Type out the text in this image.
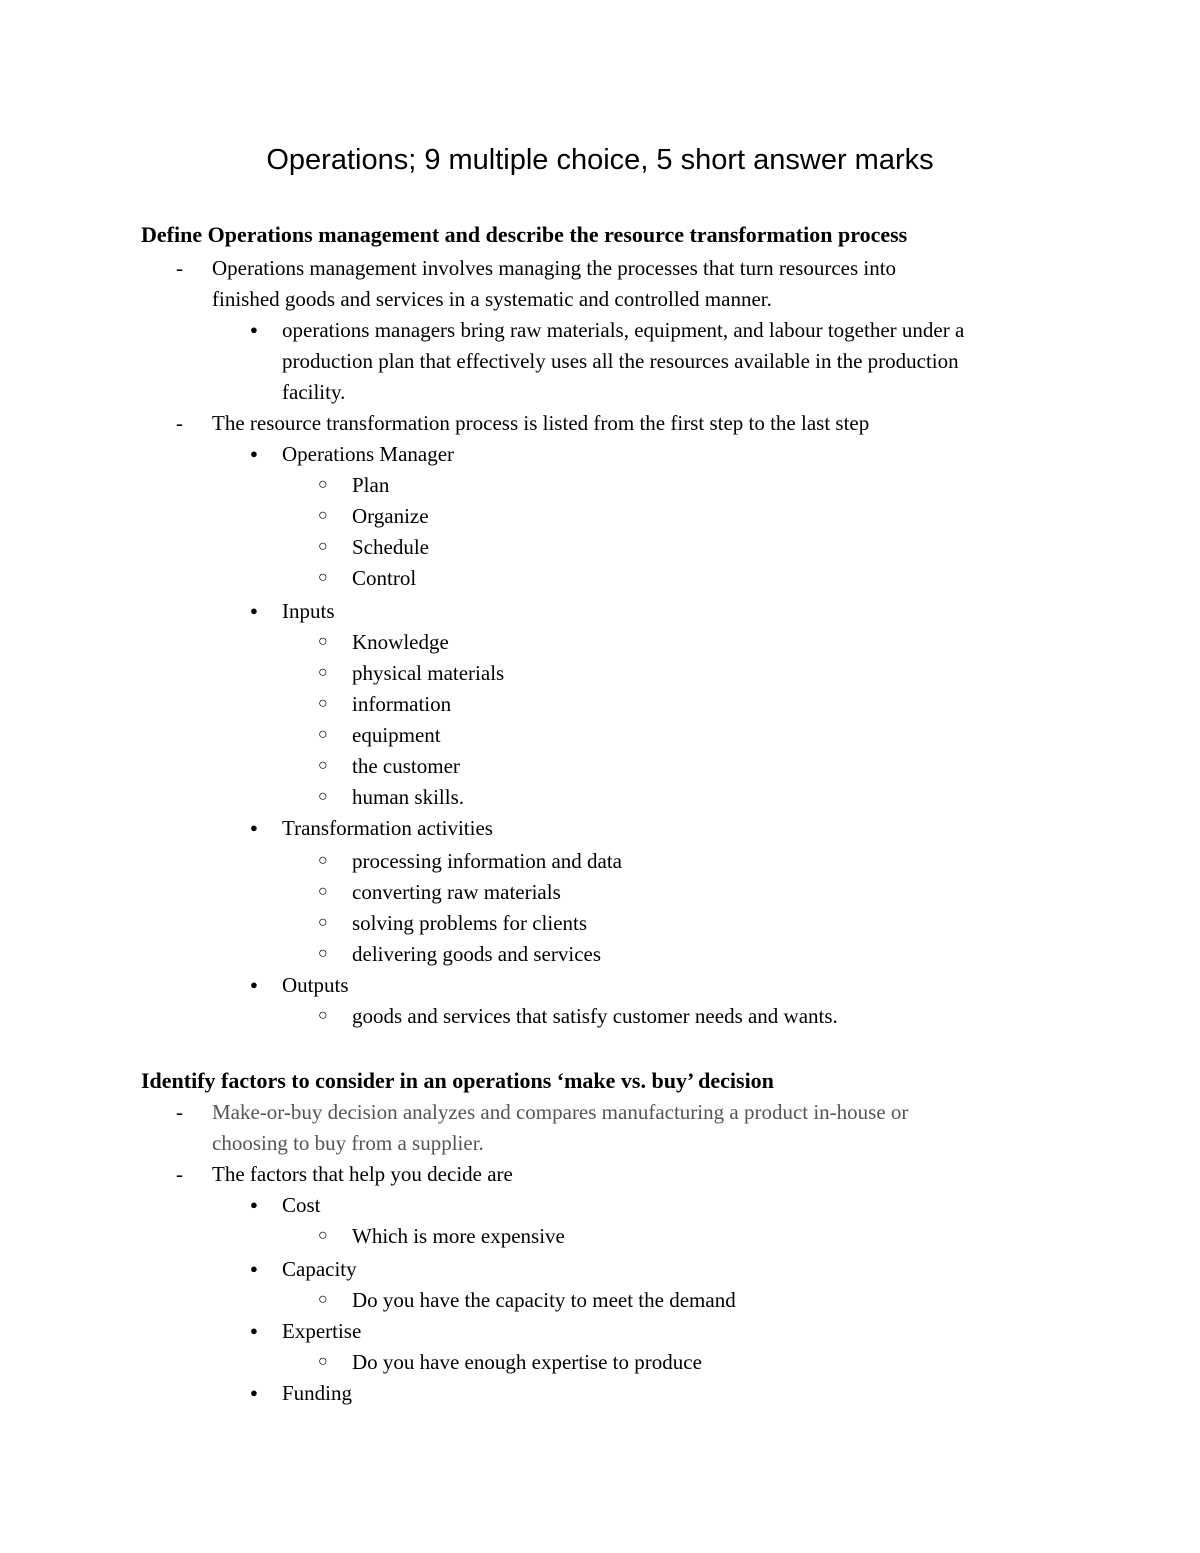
Operations; 9 multiple choice, 5 short answer marks
Define Operations management and describe the resource transformation process
- Operations management involves managing the processes that turn resources into
finished goods and services in a systematic and controlled manner.
● operations managers bring raw materials, equipment, and labour together under a
production plan that effectively uses all the resources available in the production
facility.
- The resource transformation process is listed from the first step to the last step
● Operations Manager
○ Plan
○ Organize
○ Schedule
○ Control
● Inputs
○ Knowledge
○ physical materials
○ information
○ equipment
○ the customer
○ human skills.
● Transformation activities
○ processing information and data
○ converting raw materials
○ solving problems for clients
○ delivering goods and services
● Outputs
○ goods and services that satisfy customer needs and wants.
Identify factors to consider in an operations ‘make vs. buy’ decision
- Make-or-buy decision analyzes and compares manufacturing a product in-house or
choosing to buy from a supplier.
- The factors that help you decide are
● Cost
○ Which is more expensive
● Capacity
○ Do you have the capacity to meet the demand
● Expertise
○ Do you have enough expertise to produce
● Funding
